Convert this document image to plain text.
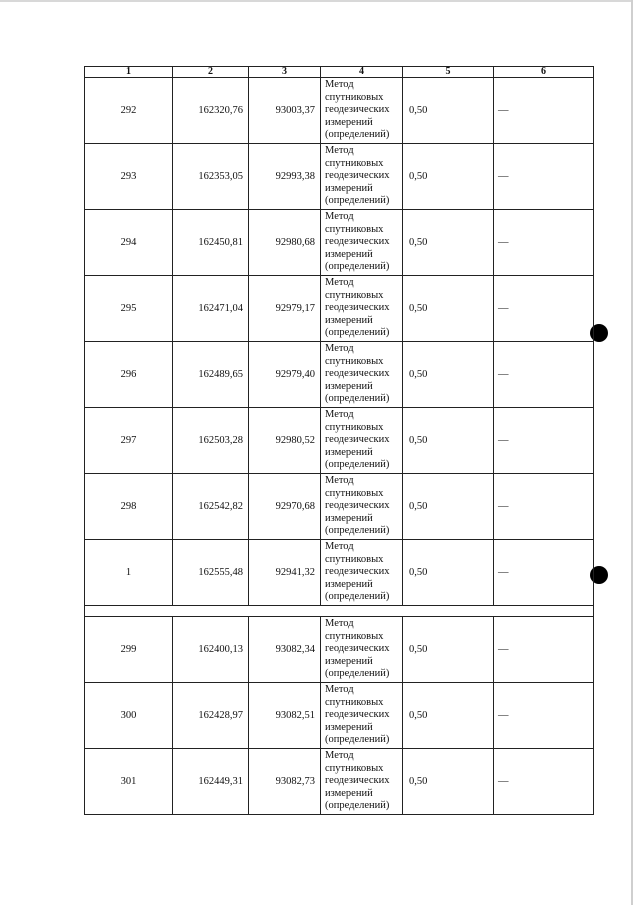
1	2	3	4	5	6
292	162320,76	93003,37	Метод
спутниковых
геодезических
измерений
(определений)	0,50	—
293	162353,05	92993,38	Метод
спутниковых
геодезических
измерений
(определений)	0,50	—
294	162450,81	92980,68	Метод
спутниковых
геодезических
измерений
(определений)	0,50	—
295	162471,04	92979,17	Метод
спутниковых
геодезических
измерений
(определений)	0,50	—
296	162489,65	92979,40	Метод
спутниковых
геодезических
измерений
(определений)	0,50	—
297	162503,28	92980,52	Метод
спутниковых
геодезических
измерений
(определений)	0,50	—
298	162542,82	92970,68	Метод
спутниковых
геодезических
измерений
(определений)	0,50	—
1	162555,48	92941,32	Метод
спутниковых
геодезических
измерений
(определений)	0,50	—

299	162400,13	93082,34	Метод
спутниковых
геодезических
измерений
(определений)	0,50	—
300	162428,97	93082,51	Метод
спутниковых
геодезических
измерений
(определений)	0,50	—
301	162449,31	93082,73	Метод
спутниковых
геодезических
измерений
(определений)	0,50	—
